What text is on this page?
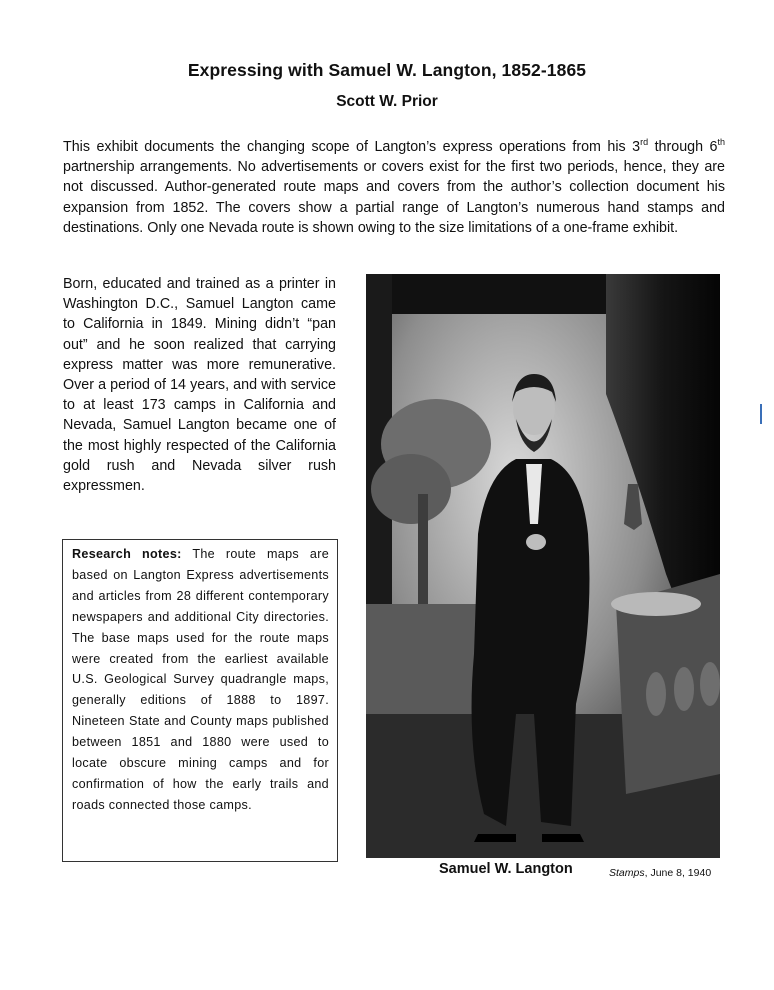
Expressing with Samuel W. Langton, 1852-1865
Scott W. Prior
This exhibit documents the changing scope of Langton’s express operations from his 3rd through 6th partnership arrangements. No advertisements or covers exist for the first two periods, hence, they are not discussed. Author-generated route maps and covers from the author’s collection document his expansion from 1852. The covers show a partial range of Langton’s numerous hand stamps and destinations. Only one Nevada route is shown owing to the size limitations of a one-frame exhibit.
Born, educated and trained as a printer in Washington D.C., Samuel Langton came to California in 1849. Mining didn’t “pan out” and he soon realized that carrying express matter was more remunerative. Over a period of 14 years, and with service to at least 173 camps in California and Nevada, Samuel Langton became one of the most highly respected of the California gold rush and Nevada silver rush expressmen.
Research notes: The route maps are based on Langton Express advertisements and articles from 28 different contemporary newspapers and additional City directories. The base maps used for the route maps were created from the earliest available U.S. Geological Survey quadrangle maps, generally editions of 1888 to 1897. Nineteen State and County maps published between 1851 and 1880 were used to locate obscure mining camps and for confirmation of how the early trails and roads connected those camps.
Samuel W. Langton	Stamps, June 8, 1940
